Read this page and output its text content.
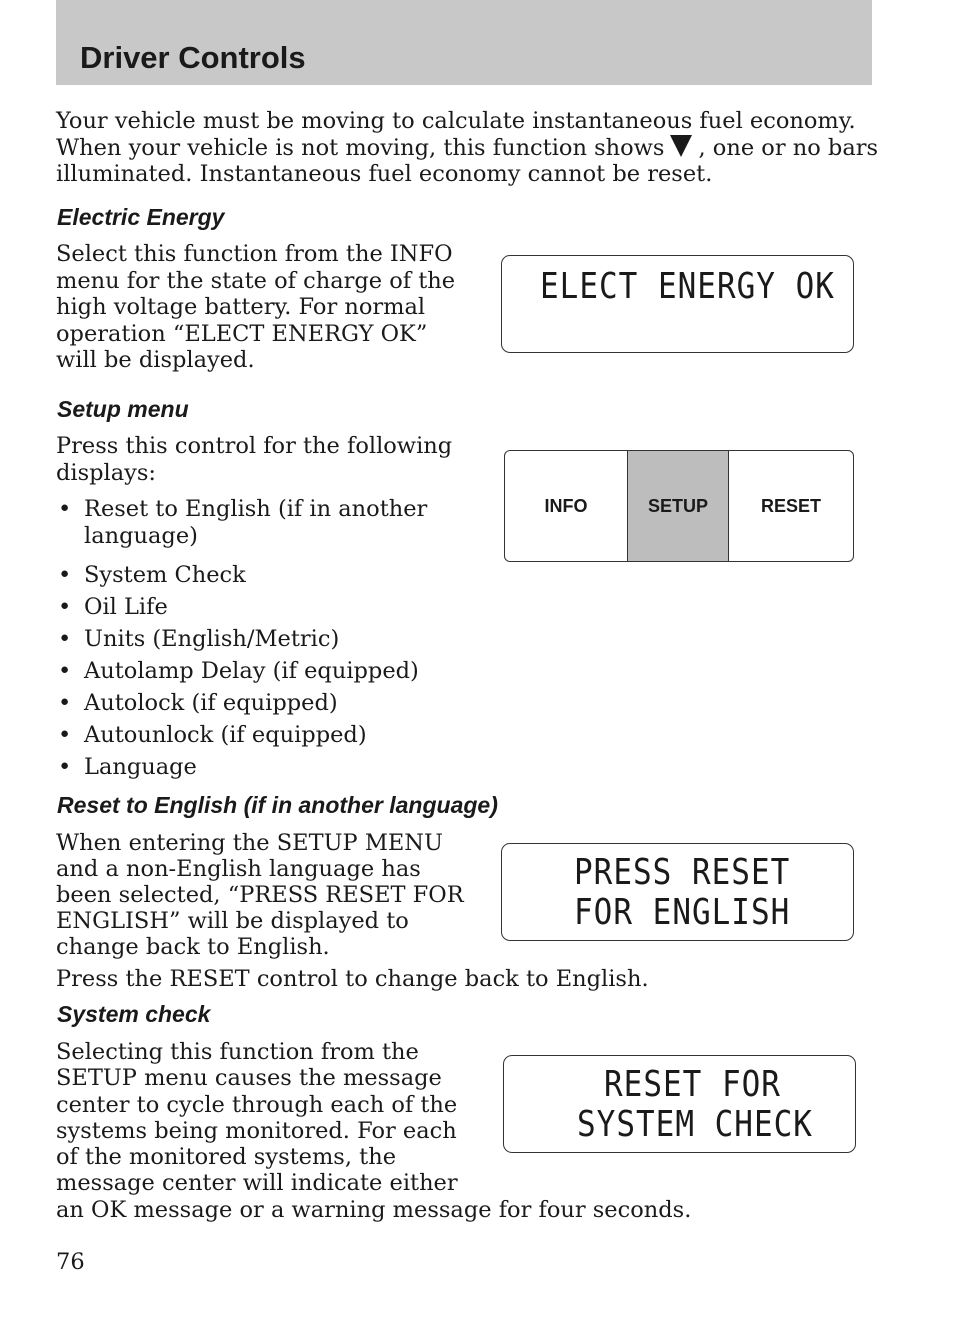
Driver Controls
Your vehicle must be moving to calculate instantaneous fuel economy.
When your vehicle is not moving, this function shows , one or no bars
illuminated. Instantaneous fuel economy cannot be reset.
Electric Energy
Select this function from the INFO
menu for the state of charge of the
high voltage battery. For normal
operation “ELECT ENERGY OK”
will be displayed.
ELECT ENERGY OK
Setup menu
Press this control for the following
displays:
• Reset to English (if in another
language)
• System Check
• Oil Life
• Units (English/Metric)
• Autolamp Delay (if equipped)
• Autolock (if equipped)
• Autounlock (if equipped)
• Language
INFO	SETUP	RESET
Reset to English (if in another language)
When entering the SETUP MENU
and a non-English language has
been selected, “PRESS RESET FOR
ENGLISH” will be displayed to
change back to English.
Press the RESET control to change back to English.
PRESS RESET
FOR ENGLISH
System check
Selecting this function from the
SETUP menu causes the message
center to cycle through each of the
systems being monitored. For each
of the monitored systems, the
message center will indicate either
an OK message or a warning message for four seconds.
RESET FOR
SYSTEM CHECK
76
